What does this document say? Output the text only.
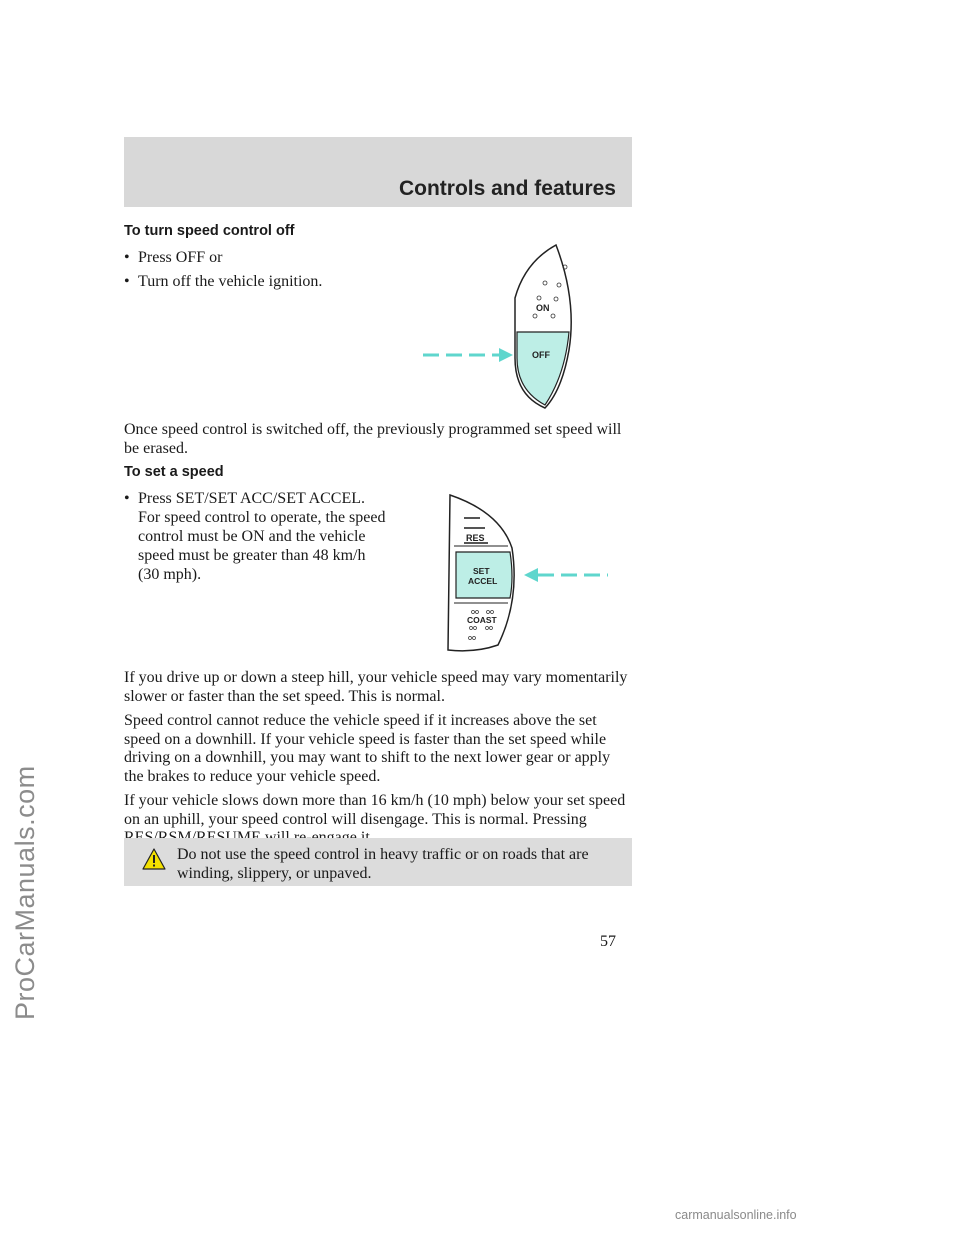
ProCarManuals.com
Controls and features
To turn speed control off
• Press OFF or
• Turn off the vehicle ignition.
ON
OFF
Once speed control is switched off, the previously programmed set speed will be erased.
To set a speed
• Press SET/SET ACC/SET ACCEL. For speed control to operate, the speed control must be ON and the vehicle speed must be greater than 48 km/h (30 mph).
RES
SET
ACCEL
COAST
If you drive up or down a steep hill, your vehicle speed may vary momentarily slower or faster than the set speed. This is normal.
Speed control cannot reduce the vehicle speed if it increases above the set speed on a downhill. If your vehicle speed is faster than the set speed while driving on a downhill, you may want to shift to the next lower gear or apply the brakes to reduce your vehicle speed.
If your vehicle slows down more than 16 km/h (10 mph) below your set speed on an uphill, your speed control will disengage. This is normal. Pressing
Do not use the speed control in heavy traffic or on roads that are winding, slippery, or unpaved.
57
carmanualsonline.info
